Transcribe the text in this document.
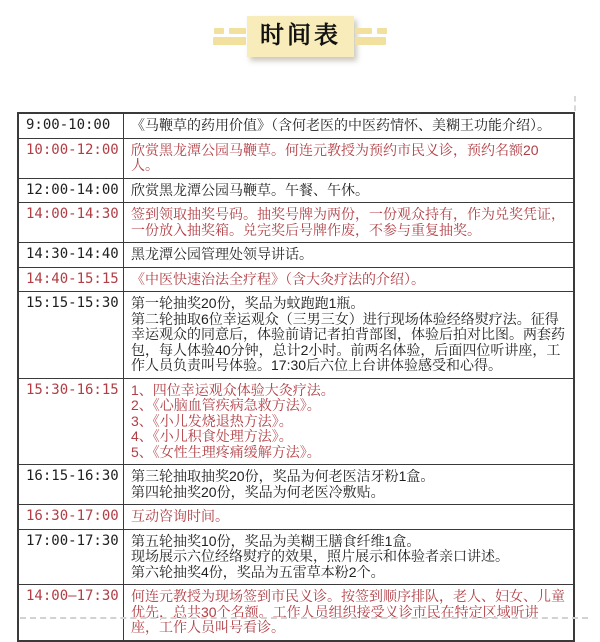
时间表
9:00-10:00	《马鞭草的药用价值》（含何老医的中医药情怀、美糊王功能介绍）。

10:00-12:00	欣赏黑龙潭公园马鞭草。何连元教授为预约市民义诊，预约名额20人。

12:00-14:00	欣赏黑龙潭公园马鞭草。午餐、午休。

14:00-14:30	签到领取抽奖号码。抽奖号牌为两份，一份观众持有，作为兑奖凭证，一份放入抽奖箱。兑完奖后号牌作废，不参与重复抽奖。

14:30-14:40	黑龙潭公园管理处领导讲话。

14:40-15:15	《中医快速治法全疗程》（含大灸疗法的介绍）。

15:15-15:30	第一轮抽奖20份，奖品为蚊跑跑1瓶。
第二轮抽取6位幸运观众（三男三女）进行现场体验经络熨疗法。征得幸运观众的同意后，体验前请记者拍背部图，体验后拍对比图。两套药包，每人体验40分钟，总计2小时。前两名体验，后面四位听讲座，工作人员负责叫号体验。17:30后六位上台讲体验感受和心得。

15:30-16:15	1、四位幸运观众体验大灸疗法。
2、《心脑血管疾病急救方法》。
3、《小儿发烧退热方法》。
4、《小儿积食处理方法》。
5、《女性生理疼痛缓解方法》。

16:15-16:30	第三轮抽取抽奖20份，奖品为何老医洁牙粉1盒。
第四轮抽奖20份，奖品为何老医冷敷贴。

16:30-17:00	互动咨询时间。

17:00-17:30	第五轮抽奖10份，奖品为美糊王膳食纤维1盒。
现场展示六位经络熨疗的效果，照片展示和体验者亲口讲述。
第六轮抽奖4份，奖品为五雷草本粉2个。

14:00—17:30	何连元教授为现场签到市民义诊。按签到顺序排队，老人、妇女、儿童优先，总共30个名额。工作人员组织接受义诊市民在特定区域听讲座，工作人员叫号看诊。
